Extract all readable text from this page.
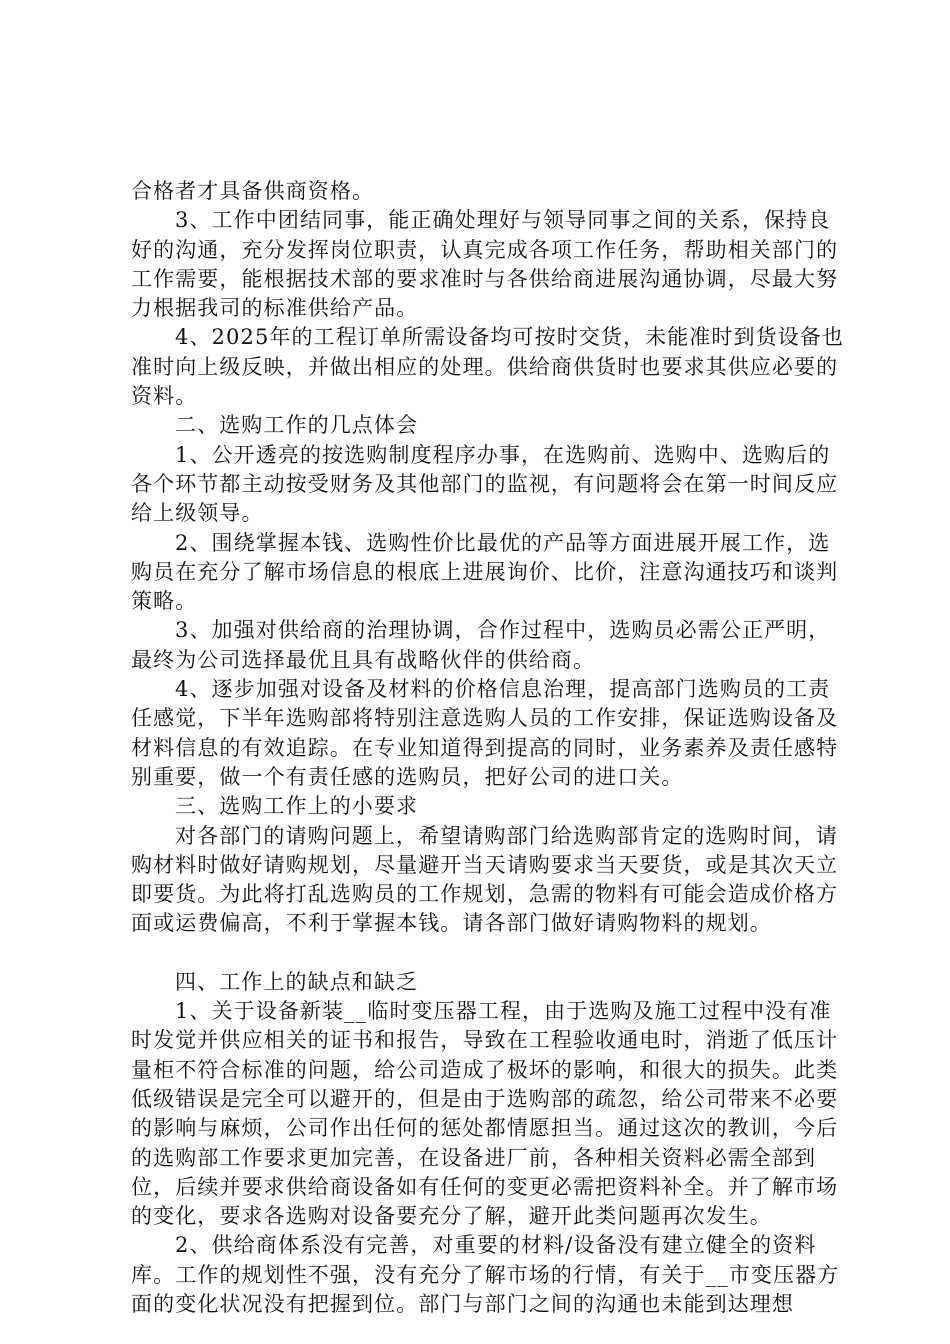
合格者才具备供商资格。

3、工作中团结同事，能正确处理好与领导同事之间的关系，保持良好的沟通，充分发挥岗位职责，认真完成各项工作任务，帮助相关部门的工作需要，能根据技术部的要求准时与各供给商进展沟通协调，尽最大努力根据我司的标准供给产品。

4、2025年的工程订单所需设备均可按时交货，未能准时到货设备也准时向上级反映，并做出相应的处理。供给商供货时也要求其供应必要的资料。

二、选购工作的几点体会

1、公开透亮的按选购制度程序办事，在选购前、选购中、选购后的各个环节都主动按受财务及其他部门的监视，有问题将会在第一时间反应给上级领导。

2、围绕掌握本钱、选购性价比最优的产品等方面进展开展工作，选购员在充分了解市场信息的根底上进展询价、比价，注意沟通技巧和谈判策略。

3、加强对供给商的治理协调，合作过程中，选购员必需公正严明，最终为公司选择最优且具有战略伙伴的供给商。

4、逐步加强对设备及材料的价格信息治理，提高部门选购员的工责任感觉，下半年选购部将特别注意选购人员的工作安排，保证选购设备及材料信息的有效追踪。在专业知道得到提高的同时，业务素养及责任感特别重要，做一个有责任感的选购员，把好公司的进口关。

三、选购工作上的小要求

对各部门的请购问题上，希望请购部门给选购部肯定的选购时间，请购材料时做好请购规划，尽量避开当天请购要求当天要货，或是其次天立即要货。为此将打乱选购员的工作规划，急需的物料有可能会造成价格方面或运费偏高，不利于掌握本钱。请各部门做好请购物料的规划。

四、工作上的缺点和缺乏

1、关于设备新装__临时变压器工程，由于选购及施工过程中没有准时发觉并供应相关的证书和报告，导致在工程验收通电时，消逝了低压计量柜不符合标准的问题，给公司造成了极坏的影响，和很大的损失。此类低级错误是完全可以避开的，但是由于选购部的疏忽，给公司带来不必要的影响与麻烦，公司作出任何的惩处都情愿担当。通过这次的教训，今后的选购部工作要求更加完善，在设备进厂前，各种相关资料必需全部到位，后续并要求供给商设备如有任何的变更必需把资料补全。并了解市场的变化，要求各选购对设备要充分了解，避开此类问题再次发生。

2、供给商体系没有完善，对重要的材料/设备没有建立健全的资料库。工作的规划性不强，没有充分了解市场的行情，有关于__市变压器方面的变化状况没有把握到位。部门与部门之间的沟通也未能到达理想
